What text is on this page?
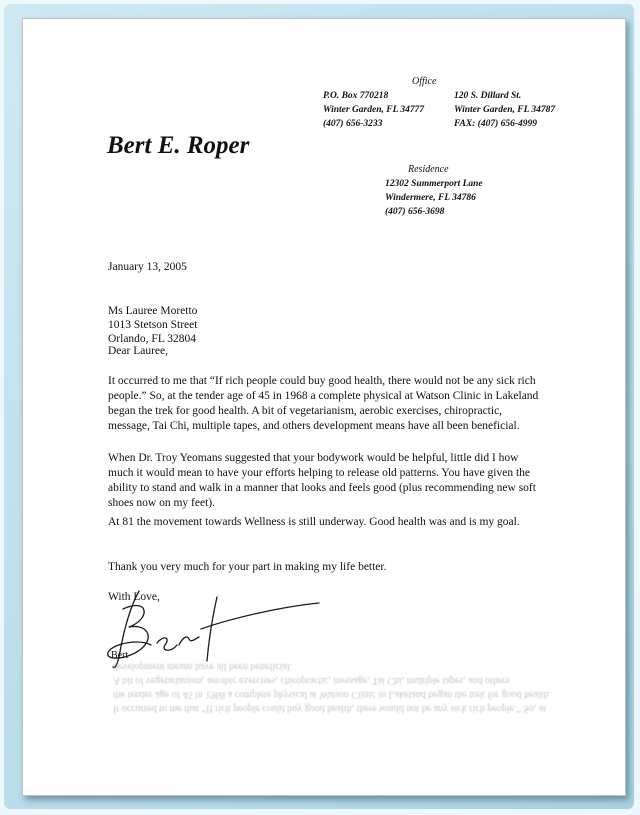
Office
P.O. Box 770218
Winter Garden, FL 34777
(407) 656-3233
120 S. Dillard St.
Winter Garden, FL 34787
FAX: (407) 656-4999
Bert E. Roper
Residence
12302 Summerport Lane
Windermere, FL 34786
(407) 656-3698
January 13, 2005
Ms Lauree Moretto
1013 Stetson Street
Orlando, FL 32804
Dear Lauree,
It occurred to me that “If rich people could buy good health, there would not be any sick rich people.” So, at the tender age of 45 in 1968 a complete physical at Watson Clinic in Lakeland began the trek for good health. A bit of vegetarianism, aerobic exercises, chiropractic, message, Tai Chi, multiple tapes, and others development means have all been beneficial.
When Dr. Troy Yeomans suggested that your bodywork would be helpful, little did I how much it would mean to have your efforts helping to release old patterns. You have given the ability to stand and walk in a manner that looks and feels good (plus recommending new soft shoes now on my feet).
At 81 the movement towards Wellness is still underway. Good health was and is my goal.
Thank you very much for your part in making my life better.
With Love,
Bert
Bert
It occurred to me that “If rich people could buy good health, there would not be any sick rich people.” So, at the tender age of 45 in 1968 a complete physical at Watson Clinic in Lakeland began the trek for good health. A bit of vegetarianism, aerobic exercises, chiropractic, message, Tai Chi, multiple tapes, and others development means have all been beneficial.
